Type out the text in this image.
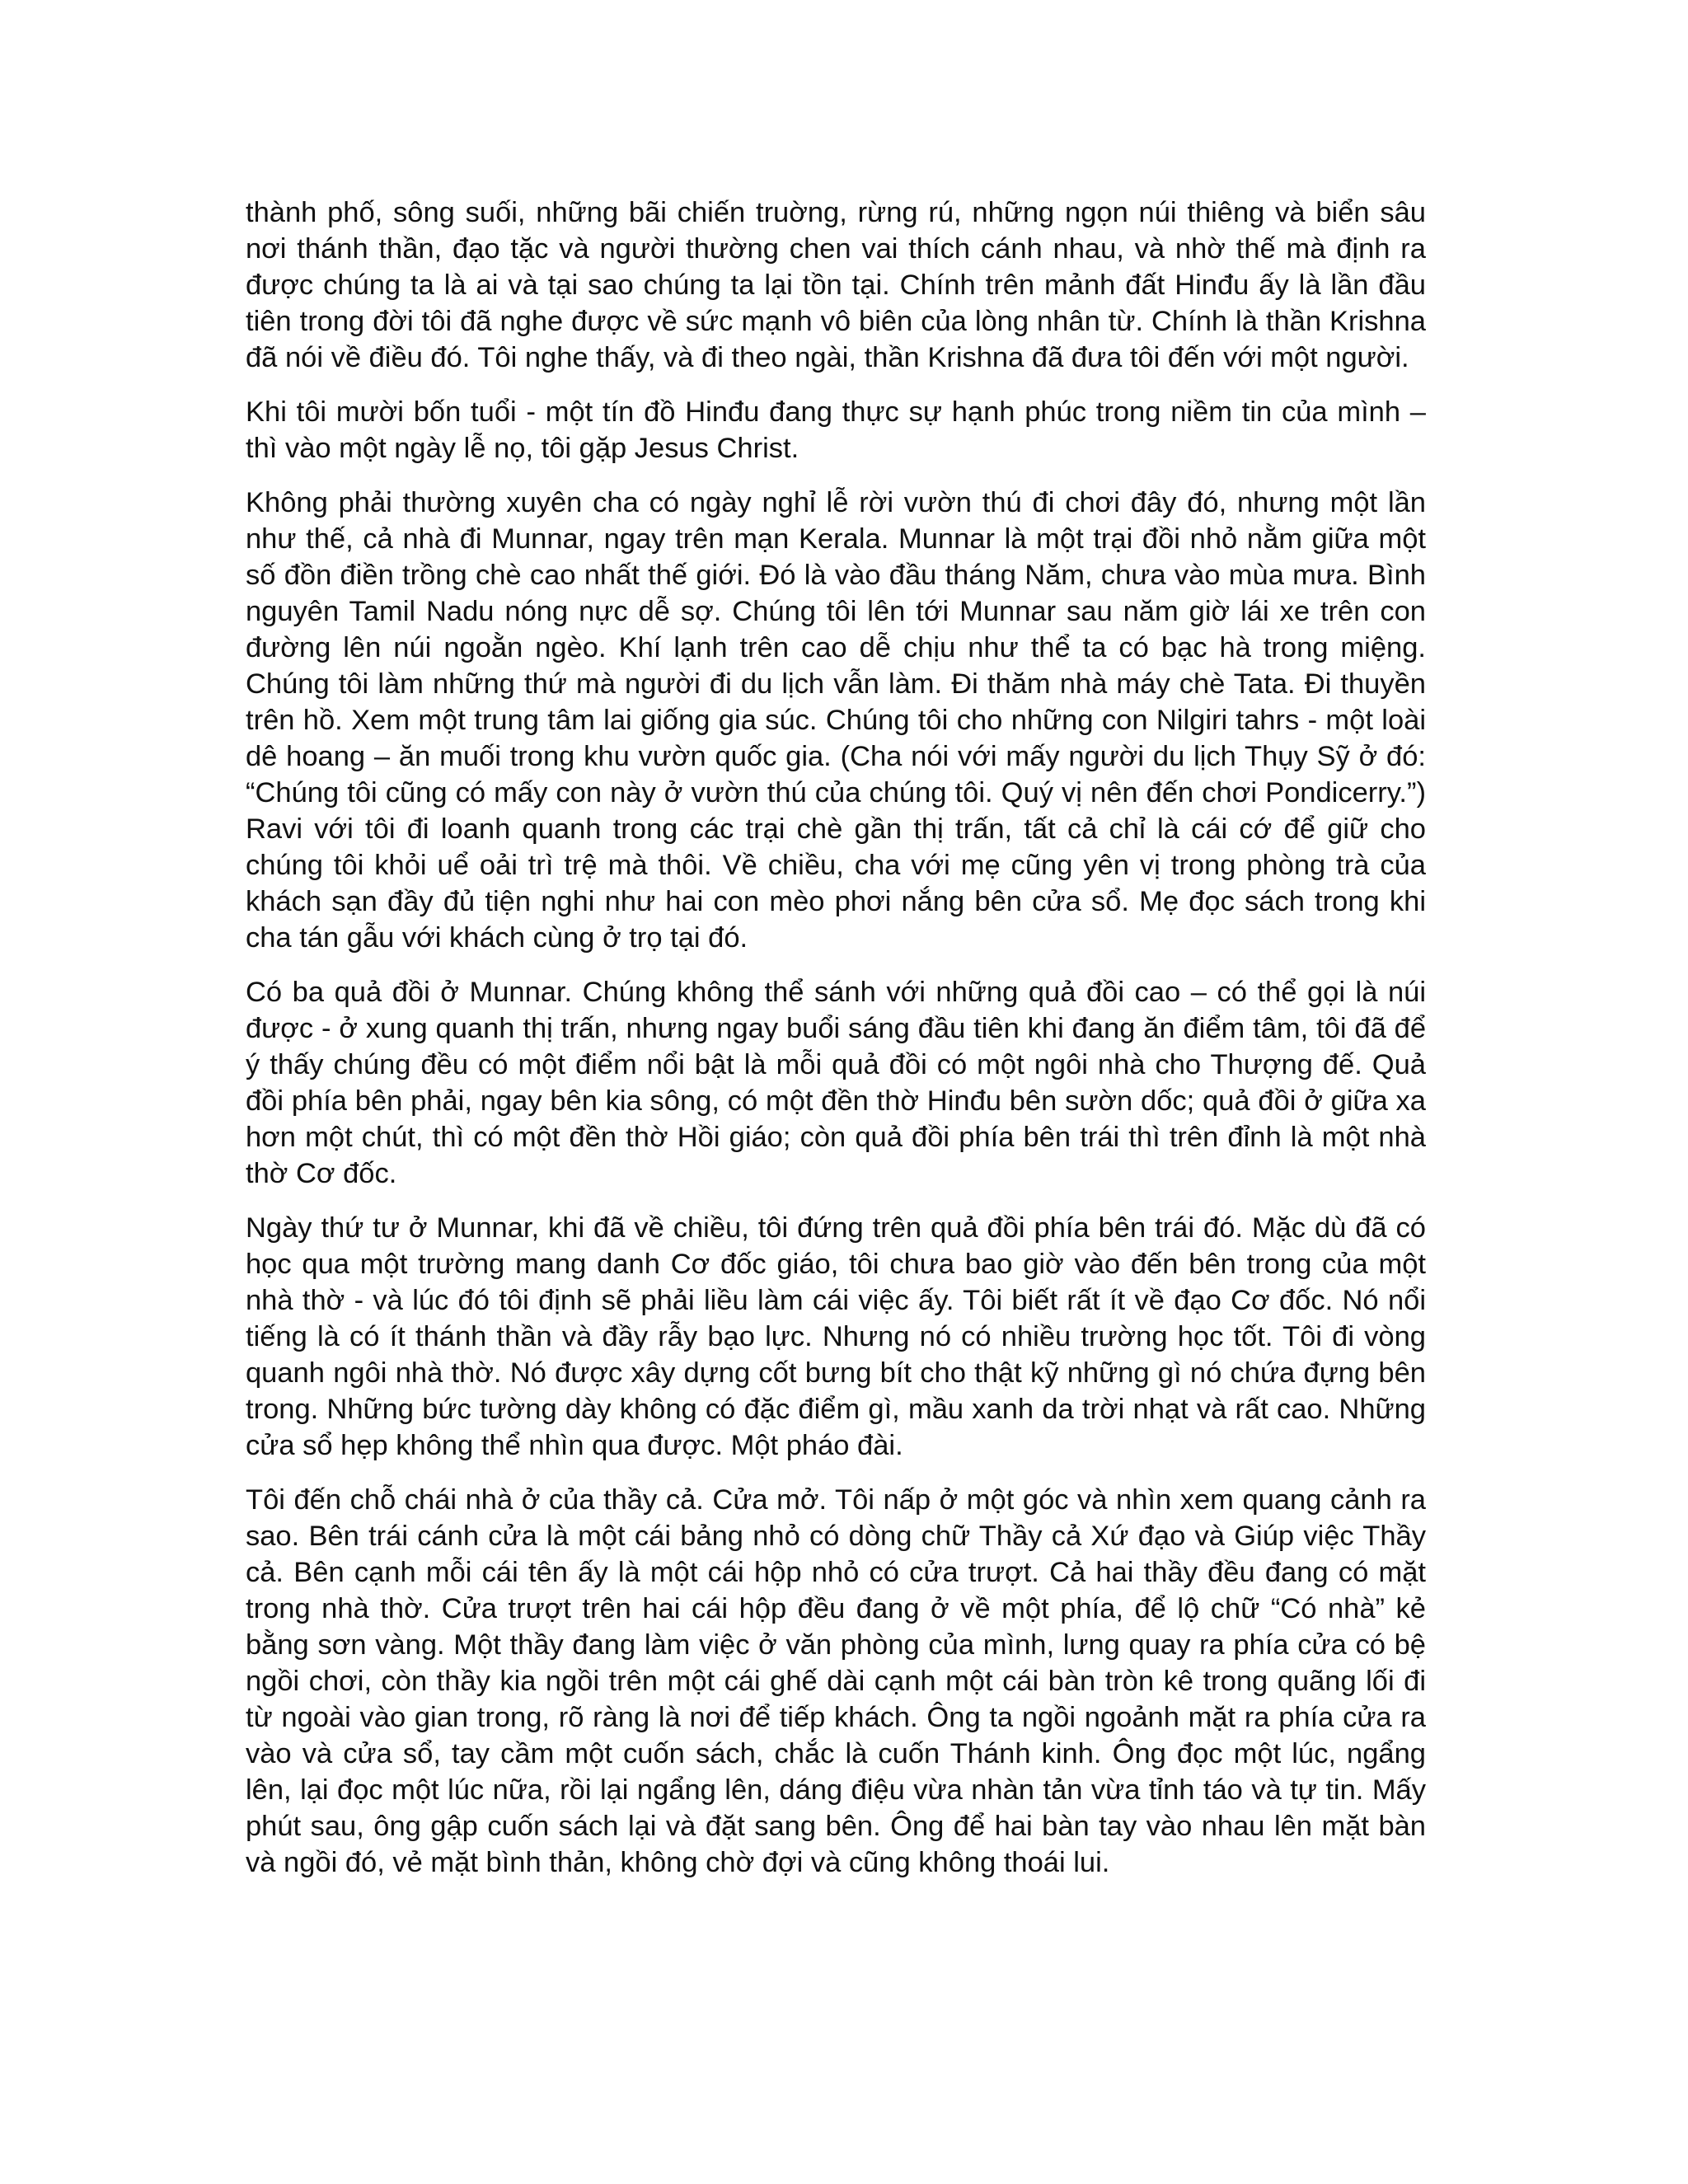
thành phố, sông suối, những bãi chiến truờng, rừng rú, những ngọn núi thiêng và biển sâu nơi thánh thần, đạo tặc và người thường chen vai thích cánh nhau, và nhờ thế mà định ra được chúng ta là ai và tại sao chúng ta lại tồn tại. Chính trên mảnh đất Hinđu ấy là lần đầu tiên trong đời tôi đã nghe được về sức mạnh vô biên của lòng nhân từ. Chính là thần Krishna đã nói về điều đó. Tôi nghe thấy, và đi theo ngài, thần Krishna đã đưa tôi đến với một người.

Khi tôi mười bốn tuổi - một tín đồ Hinđu đang thực sự hạnh phúc trong niềm tin của mình – thì vào một ngày lễ nọ, tôi gặp Jesus Christ.

Không phải thường xuyên cha có ngày nghỉ lễ rời vườn thú đi chơi đây đó, nhưng một lần như thế, cả nhà đi Munnar, ngay trên mạn Kerala. Munnar là một trại đồi nhỏ nằm giữa một số đồn điền trồng chè cao nhất thế giới. Đó là vào đầu tháng Năm, chưa vào mùa mưa. Bình nguyên Tamil Nadu nóng nực dễ sợ. Chúng tôi lên tới Munnar sau năm giờ lái xe trên con đường lên núi ngoằn ngèo. Khí lạnh trên cao dễ chịu như thể ta có bạc hà trong miệng. Chúng tôi làm những thứ mà người đi du lịch vẫn làm. Đi thăm nhà máy chè Tata. Đi thuyền trên hồ. Xem một trung tâm lai giống gia súc. Chúng tôi cho những con Nilgiri tahrs - một loài dê hoang – ăn muối trong khu vườn quốc gia. (Cha nói với mấy người du lịch Thụy Sỹ ở đó: “Chúng tôi cũng có mấy con này ở vườn thú của chúng tôi. Quý vị nên đến chơi Pondicerry.”) Ravi với tôi đi loanh quanh trong các trại chè gần thị trấn, tất cả chỉ là cái cớ để giữ cho chúng tôi khỏi uể oải trì trệ mà thôi. Về chiều, cha với mẹ cũng yên vị trong phòng trà của khách sạn đầy đủ tiện nghi như hai con mèo phơi nắng bên cửa sổ. Mẹ đọc sách trong khi cha tán gẫu với khách cùng ở trọ tại đó.

Có ba quả đồi ở Munnar. Chúng không thể sánh với những quả đồi cao – có thể gọi là núi được - ở xung quanh thị trấn, nhưng ngay buổi sáng đầu tiên khi đang ăn điểm tâm, tôi đã để ý thấy chúng đều có một điểm nổi bật là mỗi quả đồi có một ngôi nhà cho Thượng đế. Quả đồi phía bên phải, ngay bên kia sông, có một đền thờ Hinđu bên sườn dốc; quả đồi ở giữa xa hơn một chút, thì có một đền thờ Hồi giáo; còn quả đồi phía bên trái thì trên đỉnh là một nhà thờ Cơ đốc.

Ngày thứ tư ở Munnar, khi đã về chiều, tôi đứng trên quả đồi phía bên trái đó. Mặc dù đã có học qua một trường mang danh Cơ đốc giáo, tôi chưa bao giờ vào đến bên trong của một nhà thờ - và lúc đó tôi định sẽ phải liều làm cái việc ấy. Tôi biết rất ít về đạo Cơ đốc. Nó nổi tiếng là có ít thánh thần và đầy rẫy bạo lực. Nhưng nó có nhiều trường học tốt. Tôi đi vòng quanh ngôi nhà thờ. Nó được xây dựng cốt bưng bít cho thật kỹ những gì nó chứa đựng bên trong. Những bức tường dày không có đặc điểm gì, mầu xanh da trời nhạt và rất cao. Những cửa sổ hẹp không thể nhìn qua được. Một pháo đài.

Tôi đến chỗ chái nhà ở của thầy cả. Cửa mở. Tôi nấp ở một góc và nhìn xem quang cảnh ra sao. Bên trái cánh cửa là một cái bảng nhỏ có dòng chữ Thầy cả Xứ đạo và Giúp việc Thầy cả. Bên cạnh mỗi cái tên ấy là một cái hộp nhỏ có cửa trượt. Cả hai thầy đều đang có mặt trong nhà thờ. Cửa trượt trên hai cái hộp đều đang ở về một phía, để lộ chữ “Có nhà” kẻ bằng sơn vàng. Một thầy đang làm việc ở văn phòng của mình, lưng quay ra phía cửa có bệ ngồi chơi, còn thầy kia ngồi trên một cái ghế dài cạnh một cái bàn tròn kê trong quãng lối đi từ ngoài vào gian trong, rõ ràng là nơi để tiếp khách. Ông ta ngồi ngoảnh mặt ra phía cửa ra vào và cửa sổ, tay cầm một cuốn sách, chắc là cuốn Thánh kinh. Ông đọc một lúc, ngẩng lên, lại đọc một lúc nữa, rồi lại ngẩng lên, dáng điệu vừa nhàn tản vừa tỉnh táo và tự tin. Mấy phút sau, ông gập cuốn sách lại và đặt sang bên. Ông để hai bàn tay vào nhau lên mặt bàn và ngồi đó, vẻ mặt bình thản, không chờ đợi và cũng không thoái lui.
